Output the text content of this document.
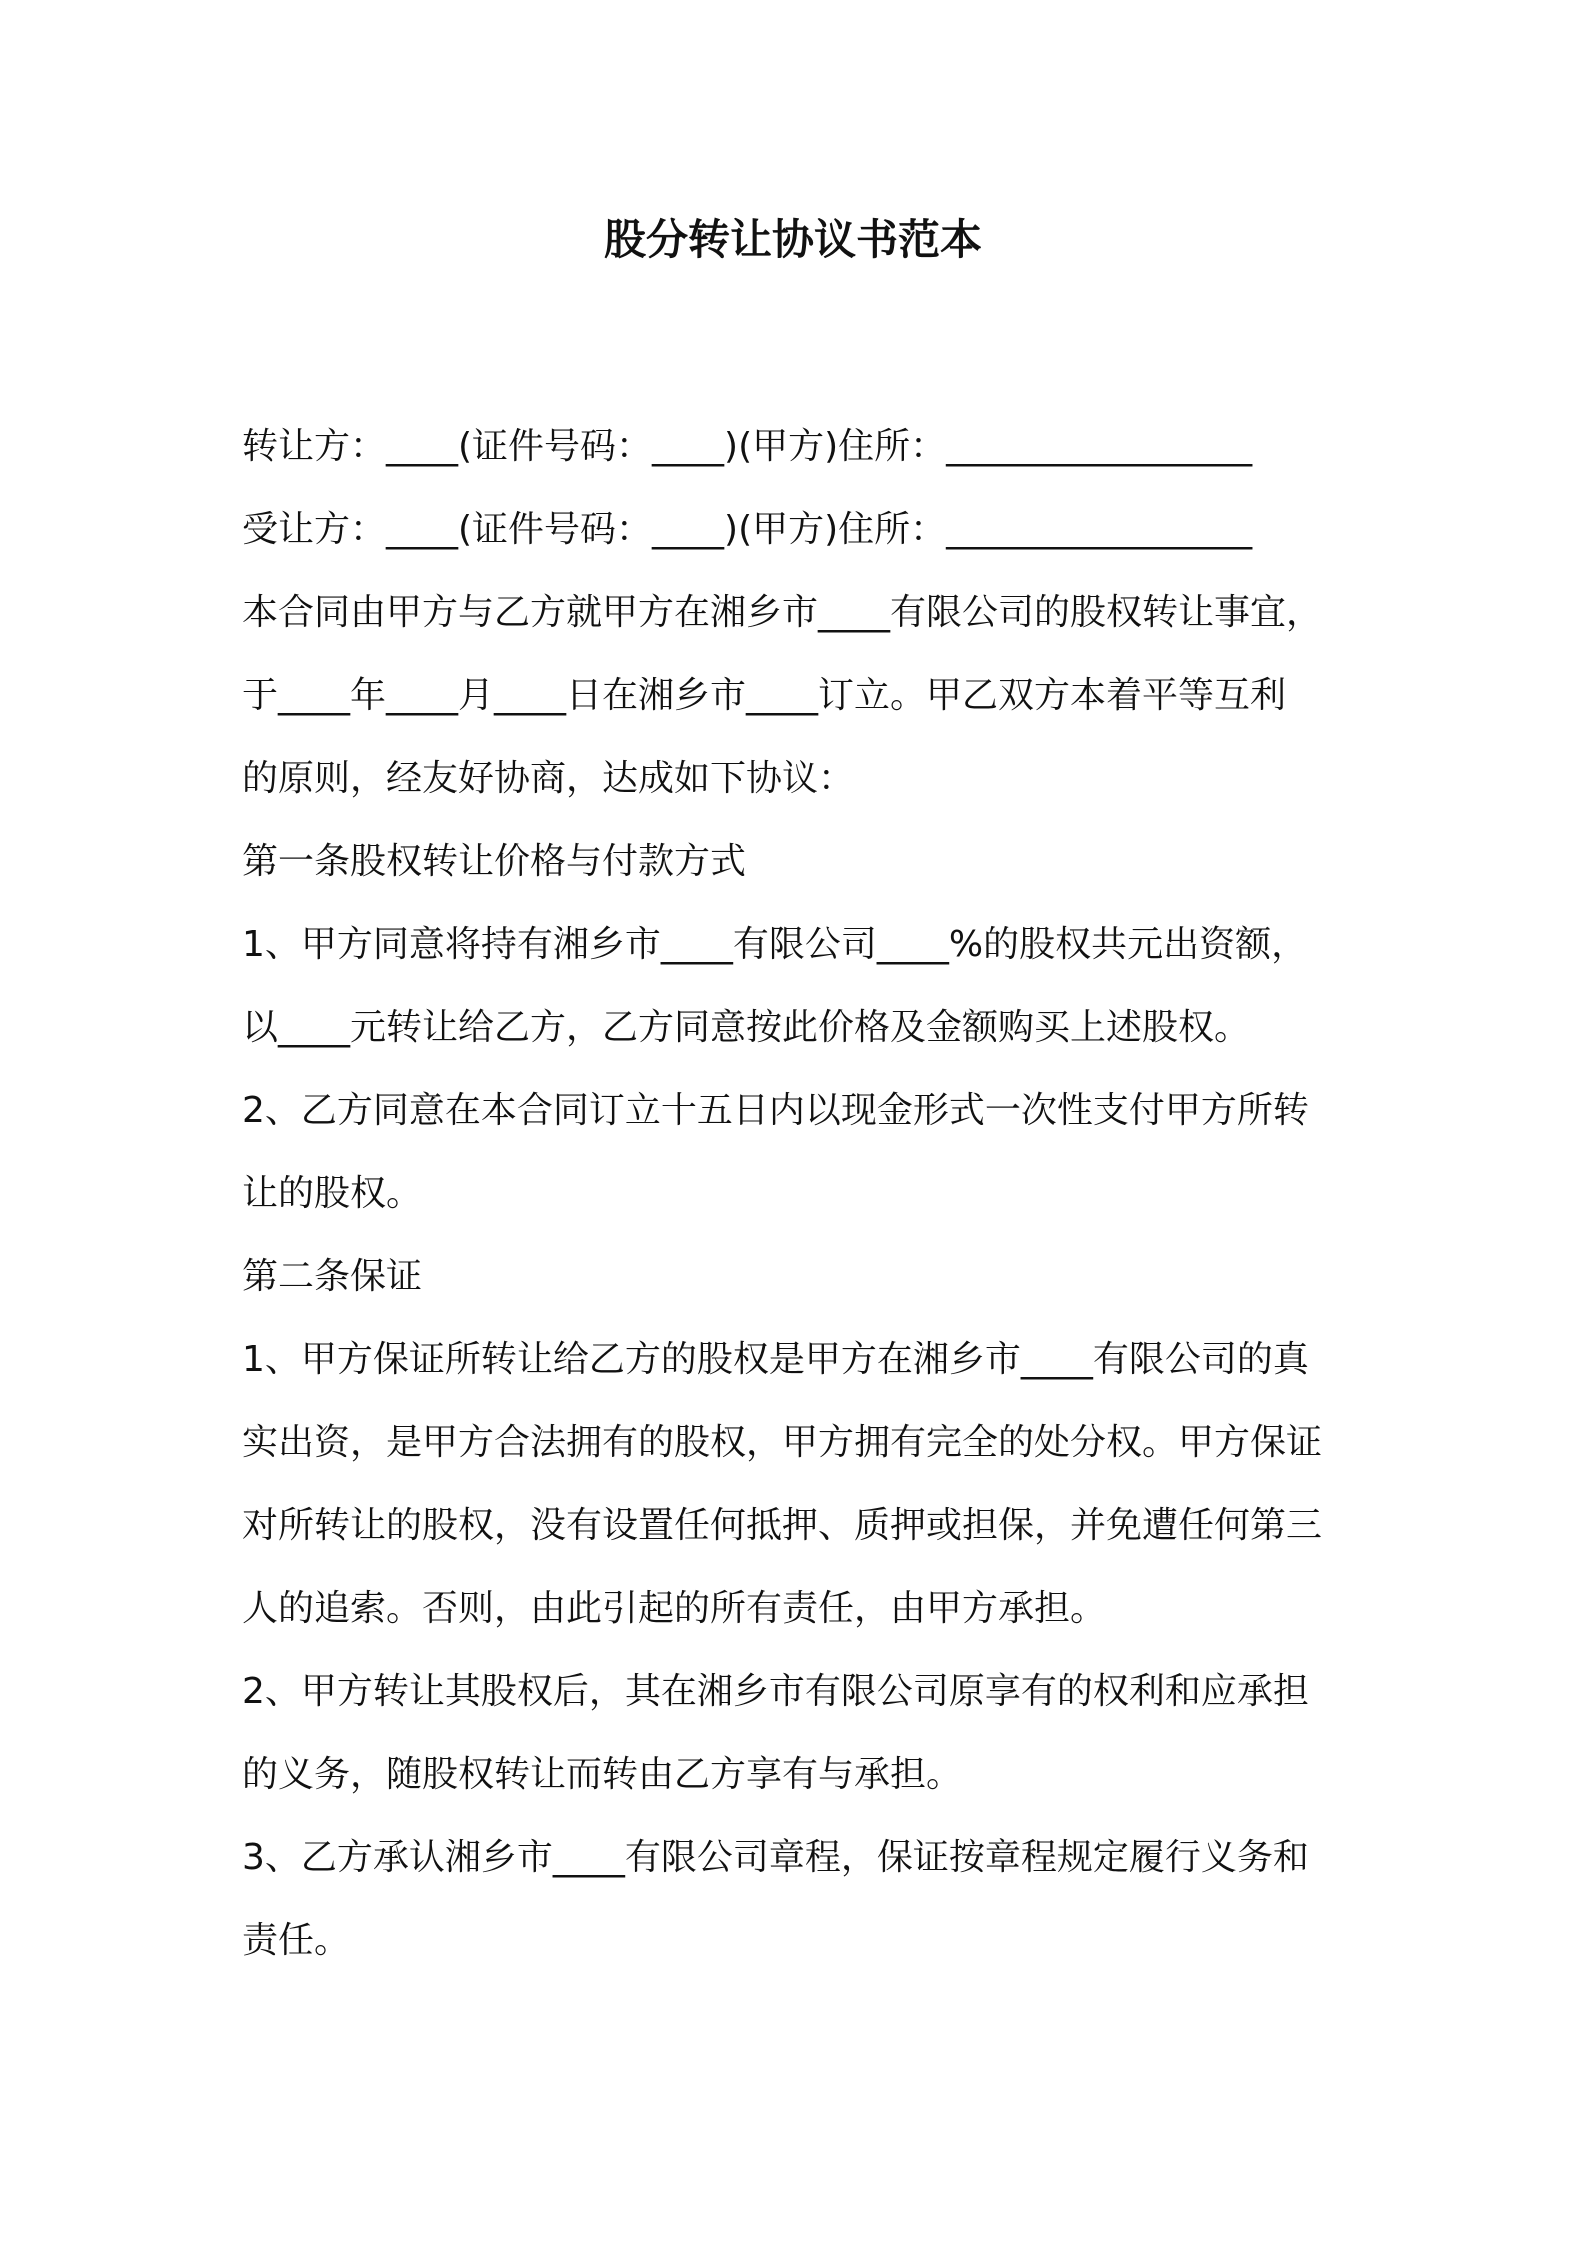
股分转让协议书范本
转让方：____(证件号码：____)(甲方)住所：_________________
受让方：____(证件号码：____)(甲方)住所：_________________
本合同由甲方与乙方就甲方在湘乡市____有限公司的股权转让事宜，
于____年____月____日在湘乡市____订立。甲乙双方本着平等互利
的原则，经友好协商，达成如下协议：
第一条股权转让价格与付款方式
1、甲方同意将持有湘乡市____有限公司____%的股权共元出资额，
以____元转让给乙方，乙方同意按此价格及金额购买上述股权。
2、乙方同意在本合同订立十五日内以现金形式一次性支付甲方所转
让的股权。
第二条保证
1、甲方保证所转让给乙方的股权是甲方在湘乡市____有限公司的真
实出资，是甲方合法拥有的股权，甲方拥有完全的处分权。甲方保证
对所转让的股权，没有设置任何抵押、质押或担保，并免遭任何第三
人的追索。否则，由此引起的所有责任，由甲方承担。
2、甲方转让其股权后，其在湘乡市有限公司原享有的权利和应承担
的义务，随股权转让而转由乙方享有与承担。
3、乙方承认湘乡市____有限公司章程，保证按章程规定履行义务和
责任。
